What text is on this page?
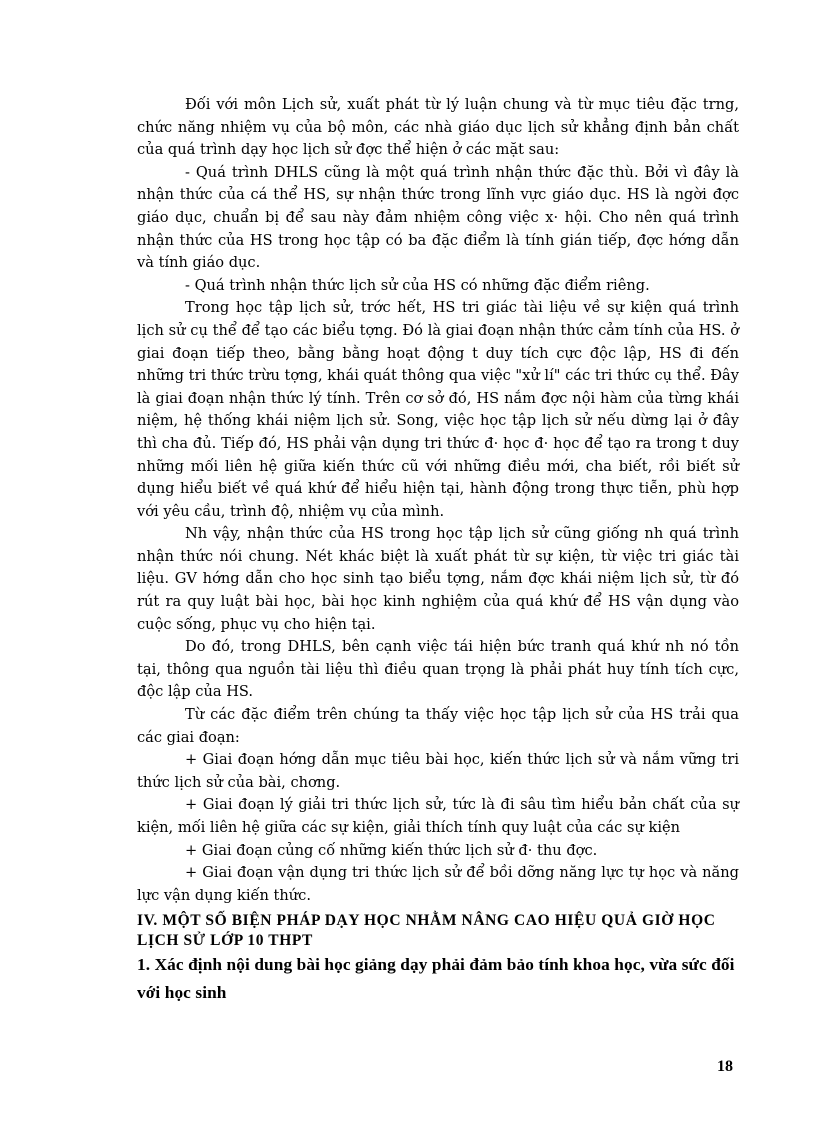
Đối với môn Lịch sử, xuất phát từ lý luận chung và từ mục tiêu đặc trng, chức năng nhiệm vụ của bộ môn, các nhà giáo dục lịch sử khẳng định bản chất của quá trình dạy học lịch sử đợc thể hiện ở các mặt sau:

- Quá trình DHLS cũng là một quá trình nhận thức đặc thù. Bởi vì đây là nhận thức của cá thể HS, sự nhận thức trong lĩnh vực giáo dục. HS là ngời đợc giáo dục, chuẩn bị để sau này đảm nhiệm công việc x· hội. Cho nên quá trình nhận thức của HS trong học tập có ba đặc điểm là tính gián tiếp, đợc hớng dẫn và tính giáo dục.

- Quá trình nhận thức lịch sử của HS có những đặc điểm riêng.

Trong học tập lịch sử, trớc hết, HS tri giác tài liệu về sự kiện quá trình lịch sử cụ thể để tạo các biểu tợng. Đó là giai đoạn nhận thức cảm tính của HS. ở giai đoạn tiếp theo, bằng bằng hoạt động t duy tích cực độc lập, HS đi đến những tri thức trừu tợng, khái quát thông qua việc "xử lí" các tri thức cụ thể. Đây là giai đoạn nhận thức lý tính. Trên cơ sở đó, HS nắm đợc nội hàm của từng khái niệm, hệ thống khái niệm lịch sử. Song, việc học tập lịch sử nếu dừng lại ở đây thì cha đủ. Tiếp đó, HS phải vận dụng tri thức đ· học đ· học để tạo ra trong t duy những mối liên hệ giữa kiến thức cũ với những điều mới, cha biết, rồi biết sử dụng hiểu biết về quá khứ để hiểu hiện tại, hành động trong thực tiễn, phù hợp với yêu cầu, trình độ, nhiệm vụ của mình.

Nh vậy, nhận thức của HS trong học tập lịch sử cũng giống nh quá trình nhận thức nói chung. Nét khác biệt là xuất phát từ sự kiện, từ việc tri giác tài liệu. GV hớng dẫn cho học sinh tạo biểu tợng, nắm đợc khái niệm lịch sử, từ đó rút ra quy luật bài học, bài học kinh nghiệm của quá khứ để HS vận dụng vào cuộc sống, phục vụ cho hiện tại.

Do đó, trong DHLS, bên cạnh việc tái hiện bức tranh quá khứ nh nó tồn tại, thông qua nguồn tài liệu thì điều quan trọng là phải phát huy tính tích cực, độc lập của HS.

Từ các đặc điểm trên chúng ta thấy việc học tập lịch sử của HS trải qua các giai đoạn:

+ Giai đoạn hớng dẫn mục tiêu bài học, kiến thức lịch sử và nắm vững tri thức lịch sử của bài, chơng.

+ Giai đoạn lý giải tri thức lịch sử, tức là đi sâu tìm hiểu bản chất của sự kiện, mối liên hệ giữa các sự kiện, giải thích tính quy luật của các sự kiện

+ Giai đoạn củng cố những kiến thức lịch sử đ· thu đợc.

+ Giai đoạn vận dụng tri thức lịch sử để bồi dỡng năng lực tự học và năng lực vận dụng kiến thức.

IV. MỘT SỐ BIỆN PHÁP DẠY HỌC NHẰM NÂNG CAO HIỆU QUẢ GIỜ HỌC LỊCH SỬ LỚP 10 THPT
1. Xác định nội dung bài học giảng dạy phải đảm bảo tính khoa học, vừa sức đối với học sinh
18
